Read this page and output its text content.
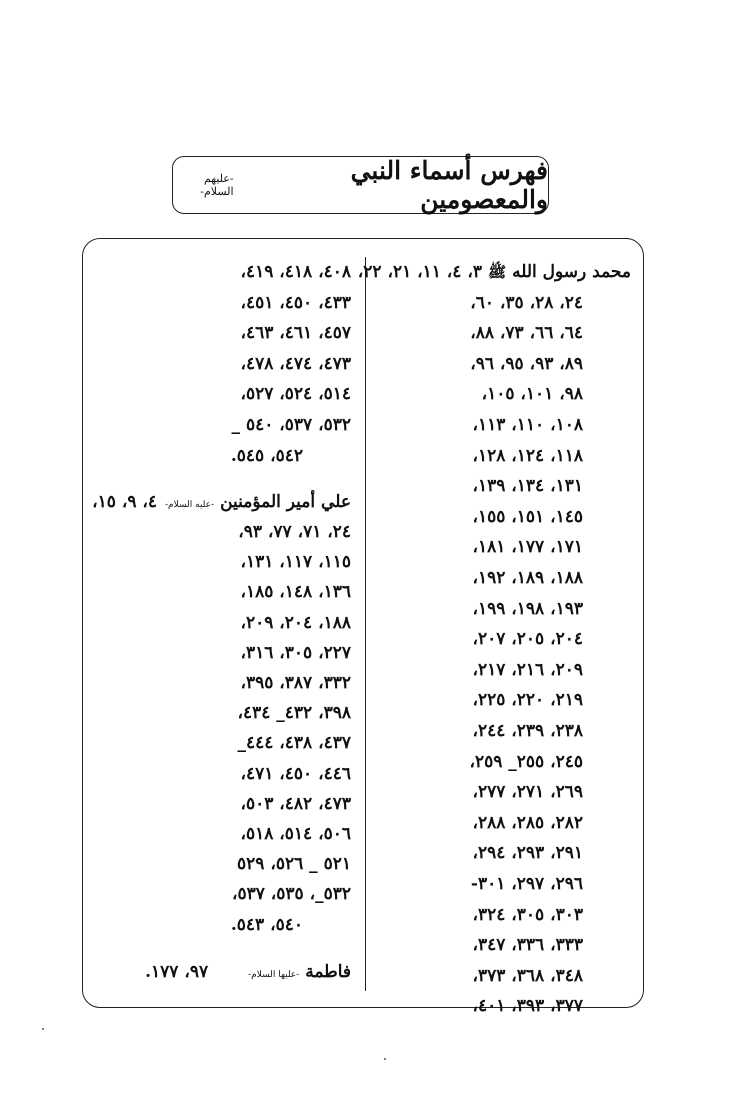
فهرس أسماء النبي والمعصومين
-عليهم السلام-
محمد رسول اللهﷺ٣، ٤، ١١، ٢١، ٢٢،
٢٤، ٢٨، ٣٥، ٦٠،
٦٤، ٦٦، ٧٣، ٨٨،
٨٩، ٩٣، ٩٥، ٩٦،
٩٨، ١٠١، ١٠٥،
١٠٨، ١١٠، ١١٣،
١١٨، ١٢٤، ١٢٨،
١٣١، ١٣٤، ١٣٩،
١٤٥، ١٥١، ١٥٥،
١٧١، ١٧٧، ١٨١،
١٨٨، ١٨٩، ١٩٢،
١٩٣، ١٩٨، ١٩٩،
٢٠٤، ٢٠٥، ٢٠٧،
٢٠٩، ٢١٦، ٢١٧،
٢١٩، ٢٢٠، ٢٢٥،
٢٣٨، ٢٣٩، ٢٤٤،
٢٤٥، ٢٥٥_ ٢٥٩،
٢٦٩، ٢٧١، ٢٧٧،
٢٨٢، ٢٨٥، ٢٨٨،
٢٩١، ٢٩٣، ٢٩٤،
٢٩٦، ٢٩٧، ٣٠١-
٣٠٣، ٣٠٥، ٣٢٤،
٣٣٣، ٣٣٦، ٣٤٧،
٣٤٨، ٣٦٨، ٣٧٣،
٣٧٧، ٣٩٣، ٤٠١،
علي أمير المؤمنين-عليه السلام-٤، ٩، ١٥،
فاطمة-عليها السلام-٩٧، ١٧٧.
٤٠٨، ٤١٨، ٤١٩،
٤٣٣، ٤٥٠، ٤٥١،
٤٥٧، ٤٦١، ٤٦٣،
٤٧٣، ٤٧٤، ٤٧٨،
٥١٤، ٥٢٤، ٥٢٧،
٥٣٢، ٥٣٧، ٥٤٠ _
٥٤٢، ٥٤٥.
٢٤، ٧١، ٧٧، ٩٣،
١١٥، ١١٧، ١٣١،
١٣٦، ١٤٨، ١٨٥،
١٨٨، ٢٠٤، ٢٠٩،
٢٢٧، ٣٠٥، ٣١٦،
٣٣٢، ٣٨٧، ٣٩٥،
٣٩٨، ٤٣٢_ ٤٣٤،
٤٣٧، ٤٣٨، ٤٤٤_
٤٤٦، ٤٥٠، ٤٧١،
٤٧٣، ٤٨٢، ٥٠٣،
٥٠٦، ٥١٤، ٥١٨،
٥٢١ _ ٥٢٦، ٥٢٩
٥٣٢_، ٥٣٥، ٥٣٧،
٥٤٠، ٥٤٣.
